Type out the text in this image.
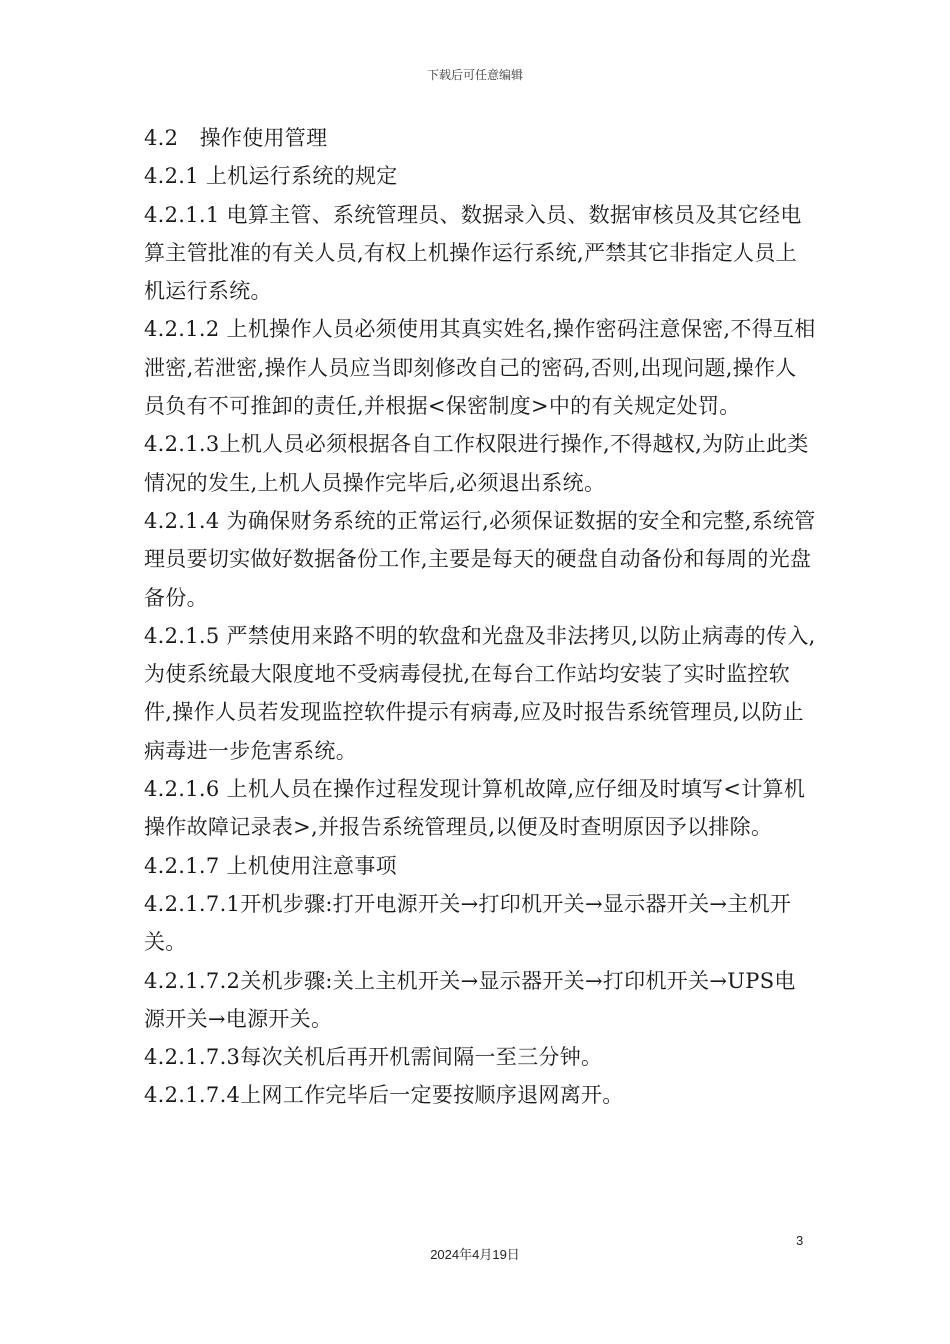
下载后可任意编辑

4.2　操作使用管理

4.2.1 上机运行系统的规定

4.2.1.1 电算主管、系统管理员、数据录入员、数据审核员及其它经电算主管批准的有关人员,有权上机操作运行系统,严禁其它非指定人员上机运行系统。

4.2.1.2 上机操作人员必须使用其真实姓名,操作密码注意保密,不得互相泄密,若泄密,操作人员应当即刻修改自己的密码,否则,出现问题,操作人员负有不可推卸的责任,并根据<保密制度>中的有关规定处罚。

4.2.1.3上机人员必须根据各自工作权限进行操作,不得越权,为防止此类情况的发生,上机人员操作完毕后,必须退出系统。

4.2.1.4 为确保财务系统的正常运行,必须保证数据的安全和完整,系统管理员要切实做好数据备份工作,主要是每天的硬盘自动备份和每周的光盘备份。

4.2.1.5 严禁使用来路不明的软盘和光盘及非法拷贝,以防止病毒的传入,为使系统最大限度地不受病毒侵扰,在每台工作站均安装了实时监控软件,操作人员若发现监控软件提示有病毒,应及时报告系统管理员,以防止病毒进一步危害系统。

4.2.1.6 上机人员在操作过程发现计算机故障,应仔细及时填写<计算机操作故障记录表>,并报告系统管理员,以便及时查明原因予以排除。

4.2.1.7 上机使用注意事项

4.2.1.7.1开机步骤:打开电源开关→打印机开关→显示器开关→主机开关。

4.2.1.7.2关机步骤:关上主机开关→显示器开关→打印机开关→UPS电源开关→电源开关。

4.2.1.7.3每次关机后再开机需间隔一至三分钟。

4.2.1.7.4上网工作完毕后一定要按顺序退网离开。

3
2024年4月19日
